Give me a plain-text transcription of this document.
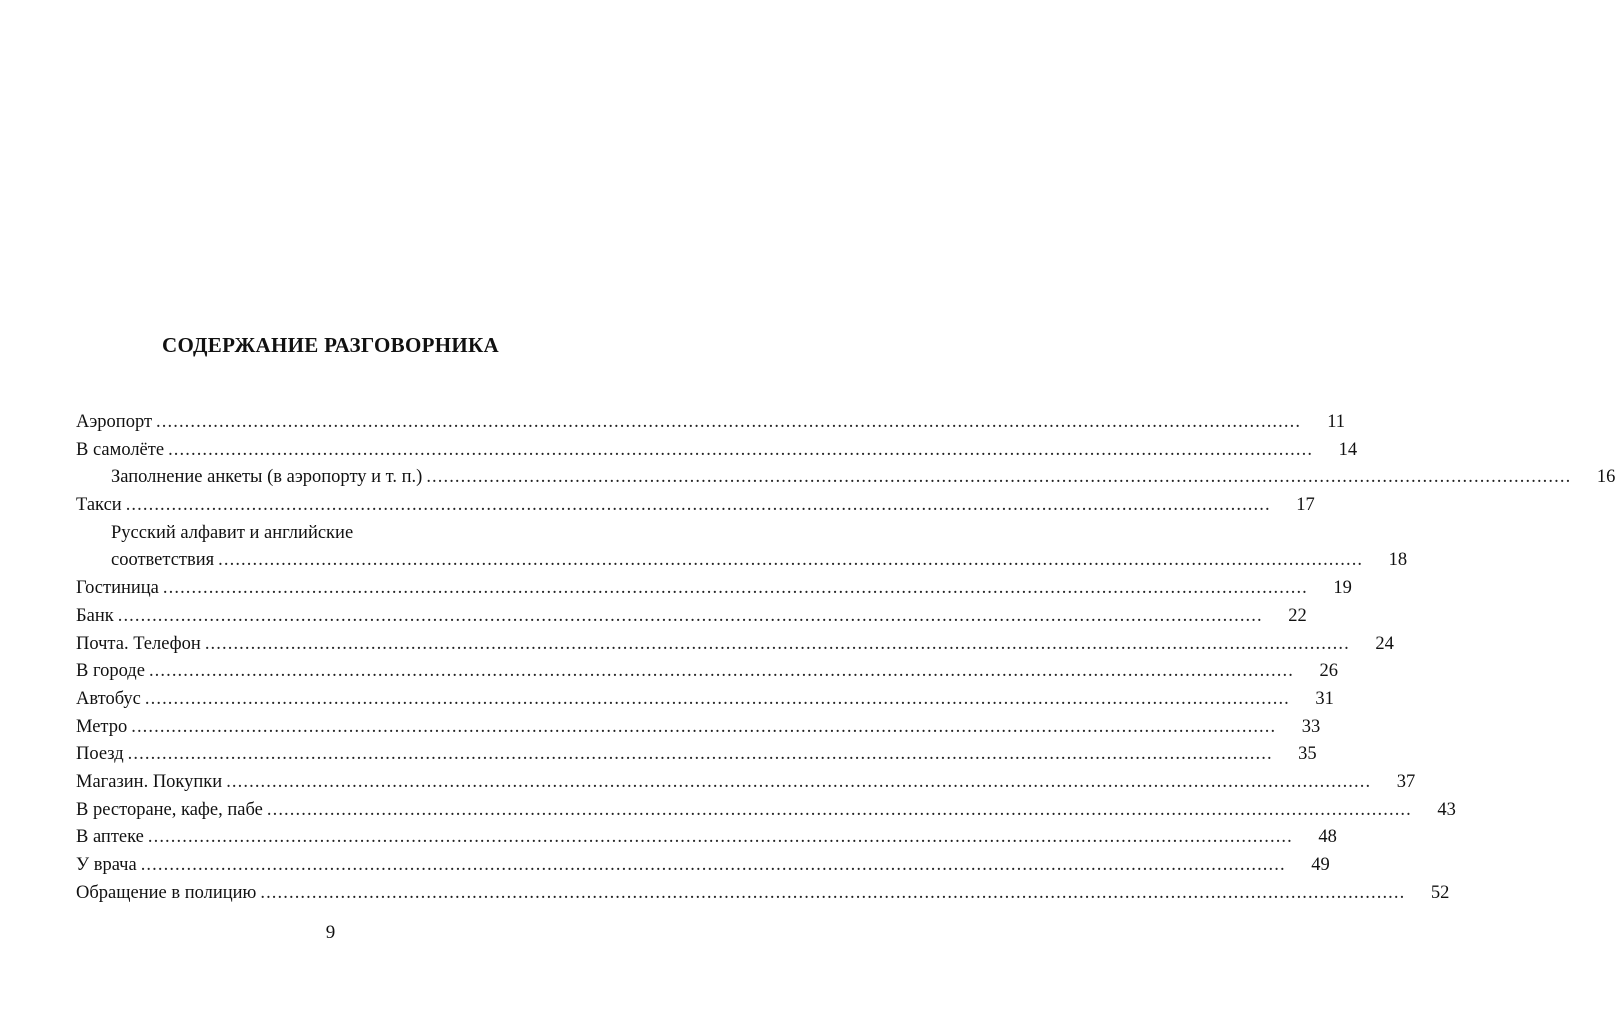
СОДЕРЖАНИЕ РАЗГОВОРНИКА
Аэропорт ........................................................................................................................................................................................................	11
В самолёте ........................................................................................................................................................................................................	14
Заполнение анкеты (в аэропорту и т. п.) ........................................................................................................................................................................................................	16
Такси ........................................................................................................................................................................................................	17
Русский алфавит и английские
соответствия ........................................................................................................................................................................................................	18
Гостиница ........................................................................................................................................................................................................	19
Банк ........................................................................................................................................................................................................	22
Почта. Телефон ........................................................................................................................................................................................................	24
В городе ........................................................................................................................................................................................................	26
Автобус ........................................................................................................................................................................................................	31
Метро ........................................................................................................................................................................................................	33
Поезд ........................................................................................................................................................................................................	35
Магазин. Покупки ........................................................................................................................................................................................................	37
В ресторане, кафе, пабе ........................................................................................................................................................................................................	43
В аптеке ........................................................................................................................................................................................................	48
У врача ........................................................................................................................................................................................................	49
Обращение в полицию ........................................................................................................................................................................................................	52

9
